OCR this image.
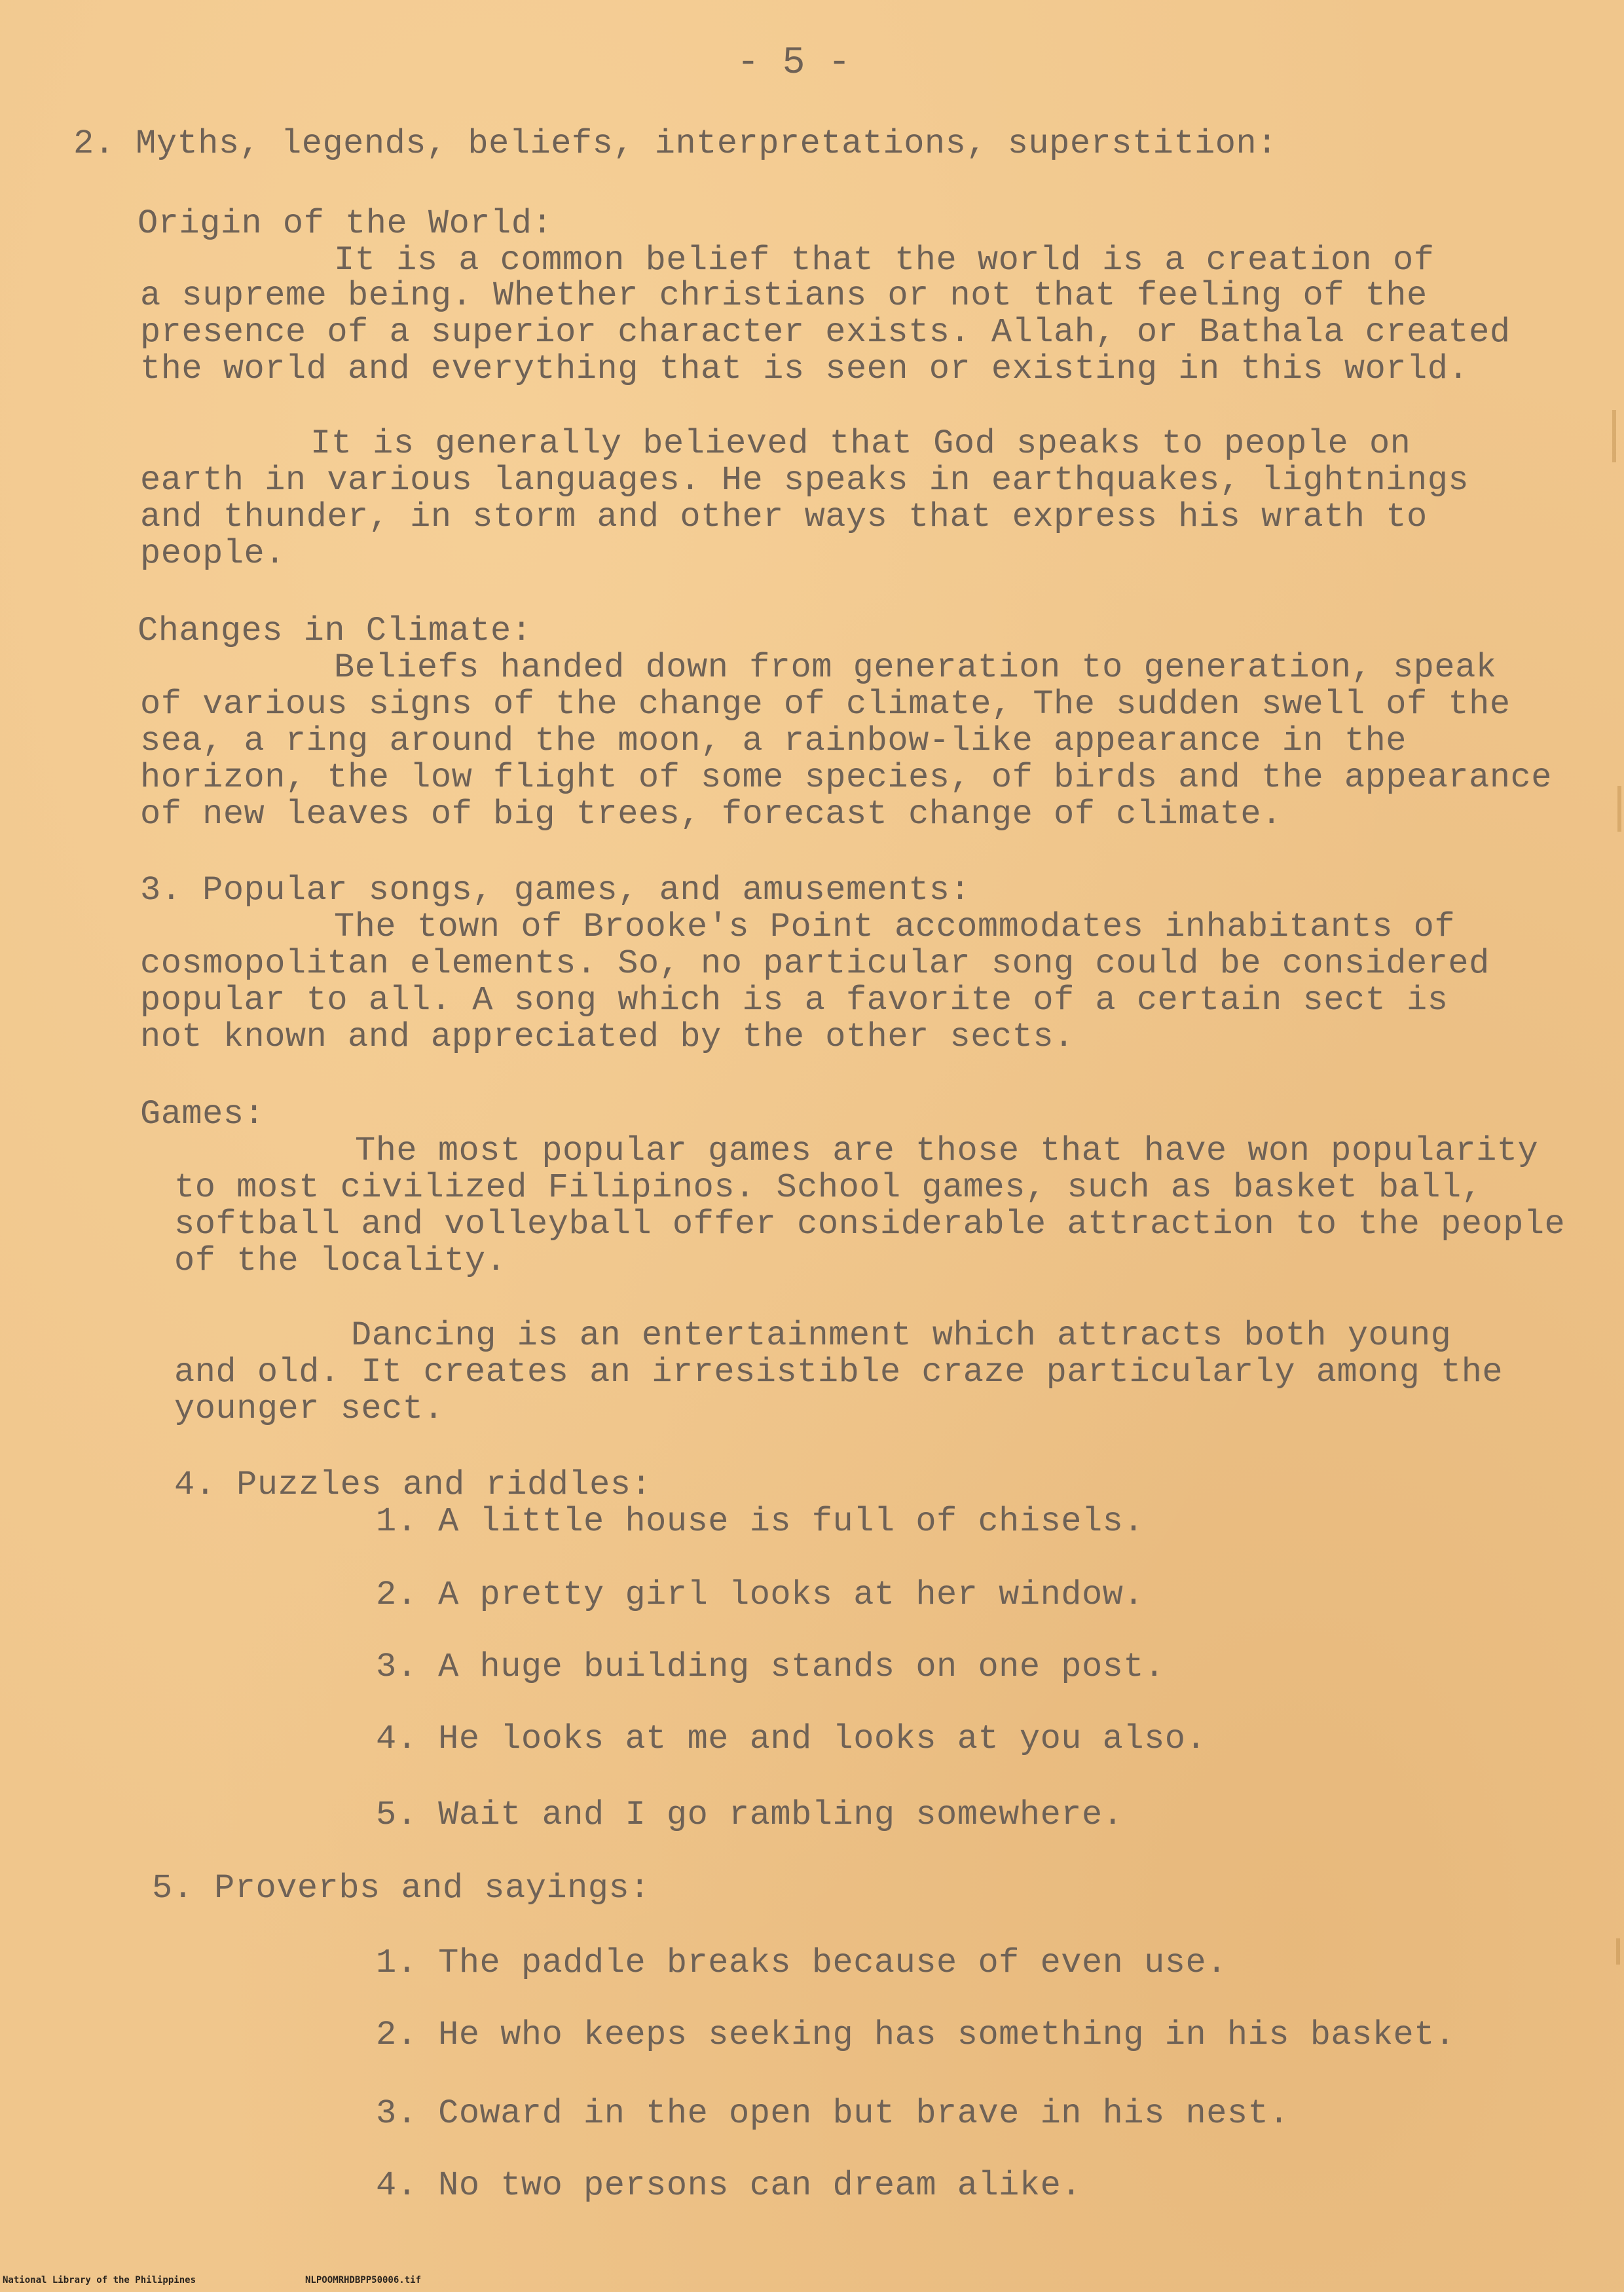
- 5 -
2. Myths, legends, beliefs, interpretations, superstition:
Origin of the World:
It is a common belief that the world is a creation of
a supreme being. Whether christians or not that feeling of the
presence of a superior character exists. Allah, or Bathala created
the world and everything that is seen or existing in this world.
It is generally believed that God speaks to people on
earth in various languages. He speaks in earthquakes, lightnings
and thunder, in storm and other ways that express his wrath to
people.
Changes in Climate:
Beliefs handed down from generation to generation, speak
of various signs of the change of climate, The sudden swell of the
sea, a ring around the moon, a rainbow-like appearance in the
horizon, the low flight of some species, of birds and the appearance
of new leaves of big trees, forecast change of climate.
3. Popular songs, games, and amusements:
The town of Brooke's Point accommodates inhabitants of
cosmopolitan elements. So, no particular song could be considered
popular to all. A song which is a favorite of a certain sect is
not known and appreciated by the other sects.
Games:
The most popular games are those that have won popularity
to most civilized Filipinos. School games, such as basket ball,
softball and volleyball offer considerable attraction to the people
of the locality.
Dancing is an entertainment which attracts both young
and old. It creates an irresistible craze particularly among the
younger sect.
4. Puzzles and riddles:
1. A little house is full of chisels.
2. A pretty girl looks at her window.
3. A huge building stands on one post.
4. He looks at me and looks at you also.
5. Wait and I go rambling somewhere.
5. Proverbs and sayings:
1. The paddle breaks because of even use.
2. He who keeps seeking has something in his basket.
3. Coward in the open but brave in his nest.
4. No two persons can dream alike.
National Library of the Philippines	NLPOOMRHDBPP50006.tif
